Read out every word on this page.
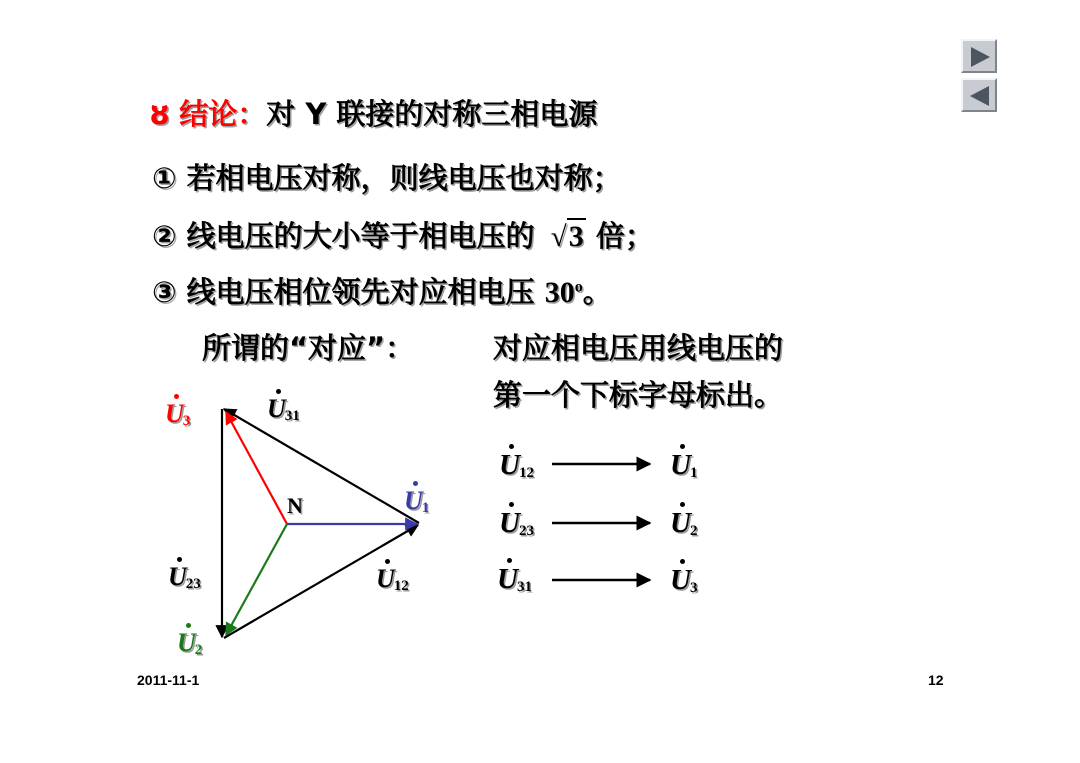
ȣ 结论：对 Y 联接的对称三相电源
① 若相电压对称，则线电压也对称；
② 线电压的大小等于相电压的 √3 倍；
③ 线电压相位领先对应相电压 30$^o$。
所谓的“对应”：	对应相电压用线电压的
第一个下标字母标出。
N
$U_3$	$U_{31}$
$U_1$
$U_{23}$	$U_{12}$
$U_2$
$U_{12}$	$U_1$
$U_{23}$	$U_2$
$U_{31}$	$U_3$
2011-11-1	12
